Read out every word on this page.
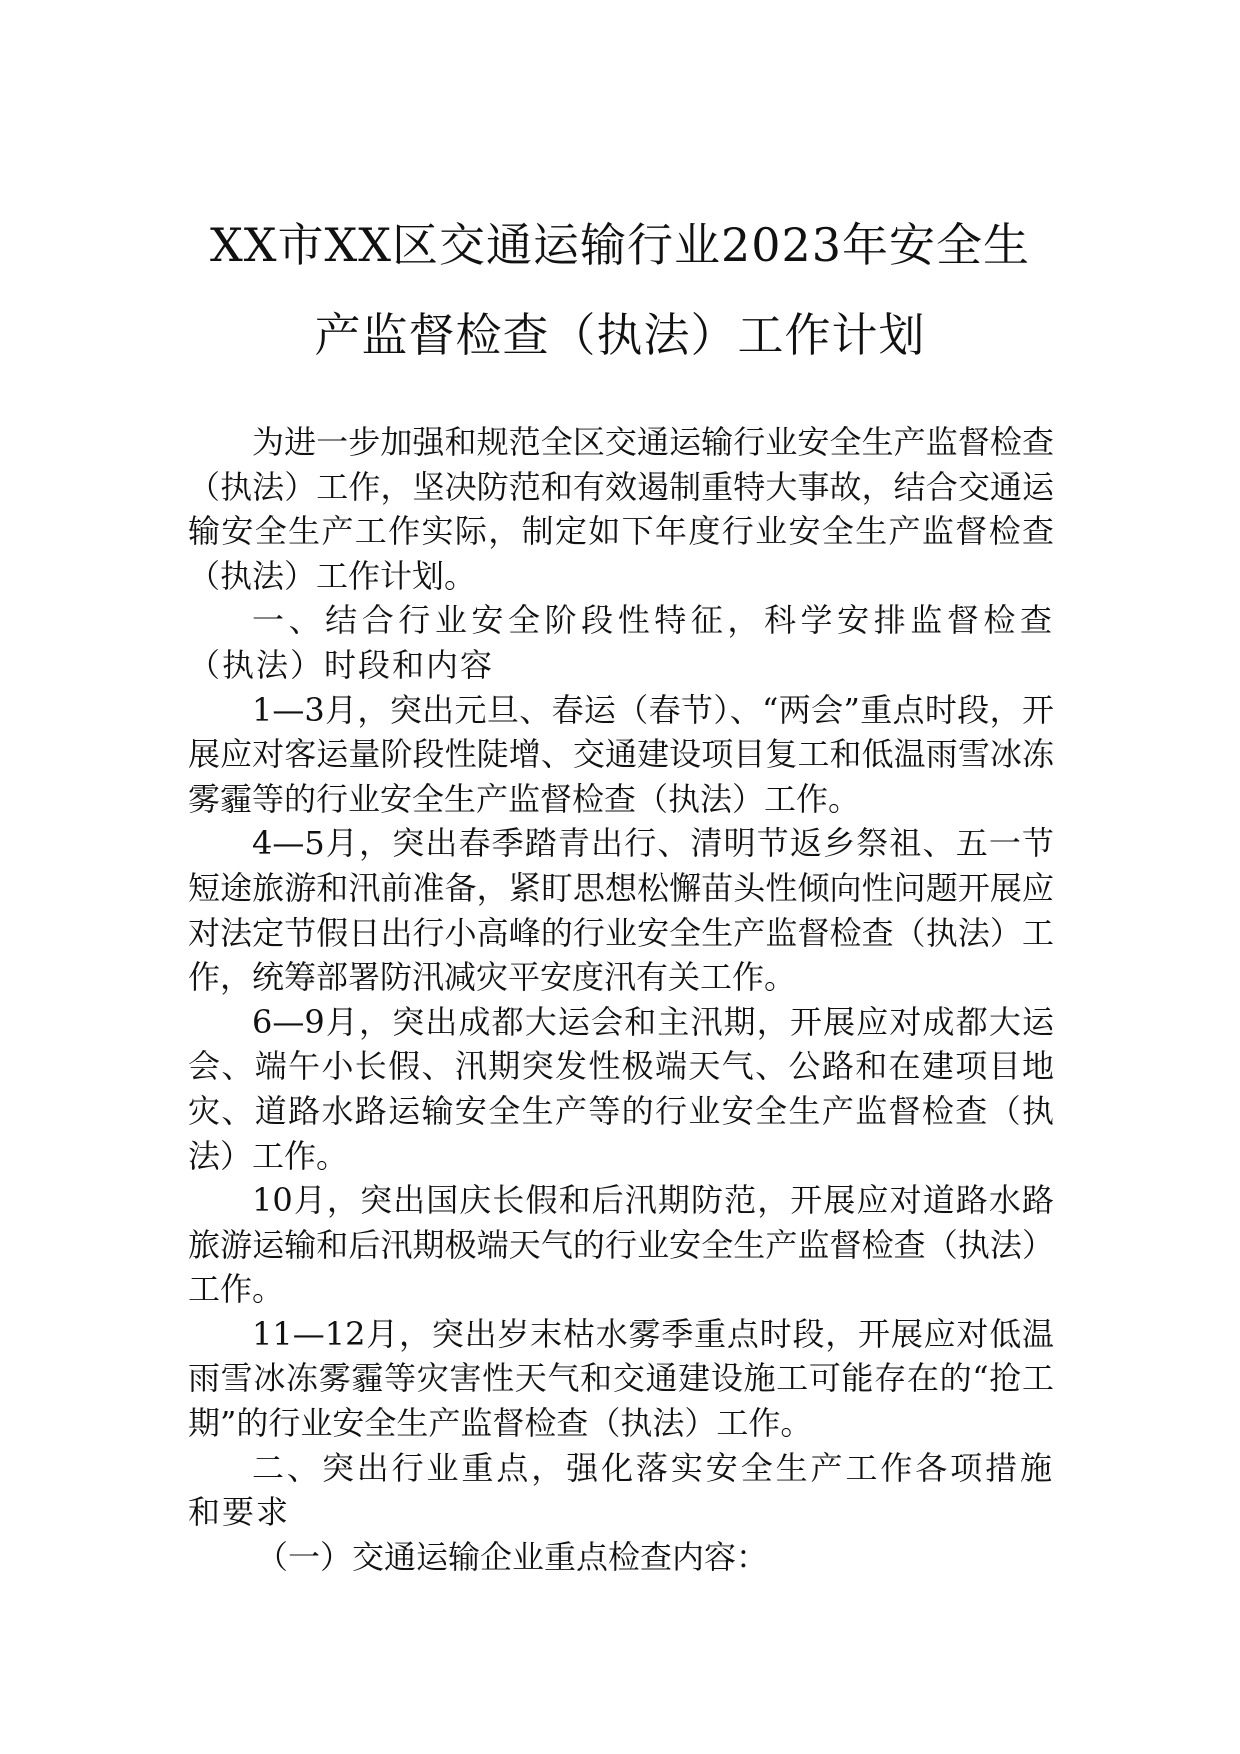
XX市XX区交通运输行业2023年安全生
产监督检查（执法）工作计划

为进一步加强和规范全区交通运输行业安全生产监督检查（执法）工作，坚决防范和有效遏制重特大事故，结合交通运输安全生产工作实际，制定如下年度行业安全生产监督检查（执法）工作计划。

一、结合行业安全阶段性特征，科学安排监督检查（执法）时段和内容

1—3月，突出元旦、春运（春节）、“两会”重点时段，开展应对客运量阶段性陡增、交通建设项目复工和低温雨雪冰冻雾霾等的行业安全生产监督检查（执法）工作。

4—5月，突出春季踏青出行、清明节返乡祭祖、五一节短途旅游和汛前准备，紧盯思想松懈苗头性倾向性问题开展应对法定节假日出行小高峰的行业安全生产监督检查（执法）工作，统筹部署防汛减灾平安度汛有关工作。

6—9月，突出成都大运会和主汛期，开展应对成都大运会、端午小长假、汛期突发性极端天气、公路和在建项目地灾、道路水路运输安全生产等的行业安全生产监督检查（执法）工作。

10月，突出国庆长假和后汛期防范，开展应对道路水路旅游运输和后汛期极端天气的行业安全生产监督检查（执法）工作。

11—12月，突出岁末枯水雾季重点时段，开展应对低温雨雪冰冻雾霾等灾害性天气和交通建设施工可能存在的“抢工期”的行业安全生产监督检查（执法）工作。

二、突出行业重点，强化落实安全生产工作各项措施和要求

（一）交通运输企业重点检查内容：
